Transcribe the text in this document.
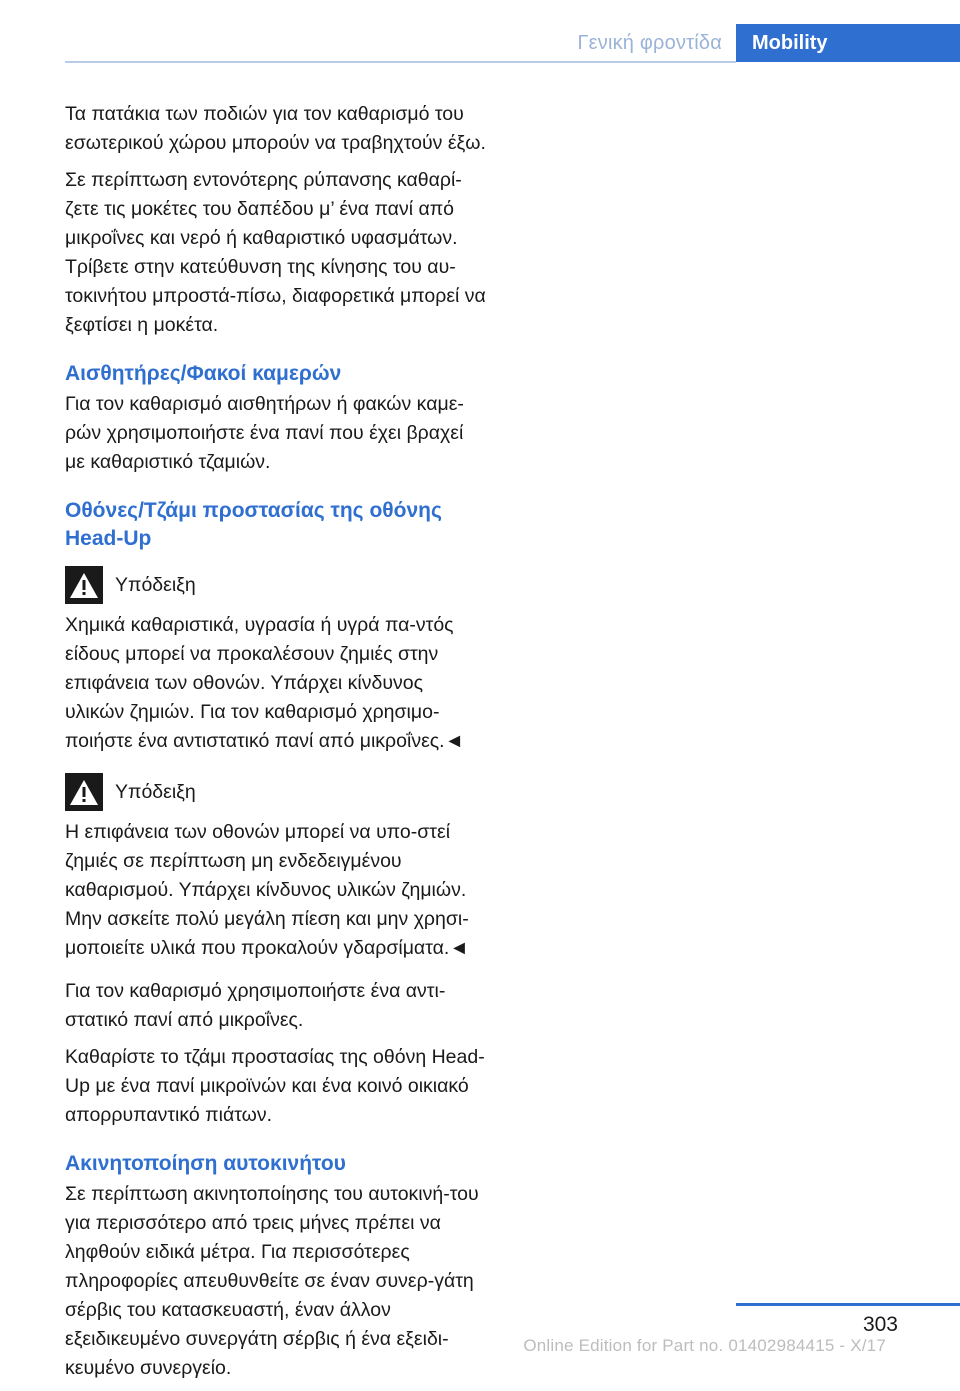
Γενική φροντίδα	Mobility

Τα πατάκια των ποδιών για τον καθαρισμό του εσωτερικού χώρου μπορούν να τραβηχτούν έξω.

Σε περίπτωση εντονότερης ρύπανσης καθαρί-ζετε τις μοκέτες του δαπέδου μ’ ένα πανί από μικροΐνες και νερό ή καθαριστικό υφασμάτων. Τρίβετε στην κατεύθυνση της κίνησης του αυ-τοκινήτου μπροστά-πίσω, διαφορετικά μπορεί να ξεφτίσει η μοκέτα.

Αισθητήρες/Φακοί καμερών

Για τον καθαρισμό αισθητήρων ή φακών καμε-ρών χρησιμοποιήστε ένα πανί που έχει βραχεί με καθαριστικό τζαμιών.

Οθόνες/Τζάμι προστασίας της οθόνης Head-Up
Υπόδειξη

Χημικά καθαριστικά, υγρασία ή υγρά πα-ντός είδους μπορεί να προκαλέσουν ζημιές στην επιφάνεια των οθονών. Υπάρχει κίνδυνος υλικών ζημιών. Για τον καθαρισμό χρησιμο-ποιήστε ένα αντιστατικό πανί από μικροΐνες.◄

Υπόδειξη

Η επιφάνεια των οθονών μπορεί να υπο-στεί ζημιές σε περίπτωση μη ενδεδειγμένου καθαρισμού. Υπάρχει κίνδυνος υλικών ζημιών. Μην ασκείτε πολύ μεγάλη πίεση και μην χρησι-μοποιείτε υλικά που προκαλούν γδαρσίματα.◄

Για τον καθαρισμό χρησιμοποιήστε ένα αντι-στατικό πανί από μικροΐνες.

Καθαρίστε το τζάμι προστασίας της οθόνη Head-Up με ένα πανί μικροϊνών και ένα κοινό οικιακό απορρυπαντικό πιάτων.

Ακινητοποίηση αυτοκινήτου

Σε περίπτωση ακινητοποίησης του αυτοκινή-του για περισσότερο από τρεις μήνες πρέπει να ληφθούν ειδικά μέτρα. Για περισσότερες πληροφορίες απευθυνθείτε σε έναν συνερ-γάτη σέρβις του κατασκευαστή, έναν άλλον εξειδικευμένο συνεργάτη σέρβις ή ένα εξειδι-κευμένο συνεργείο.

303
Online Edition for Part no. 01402984415 - X/17
